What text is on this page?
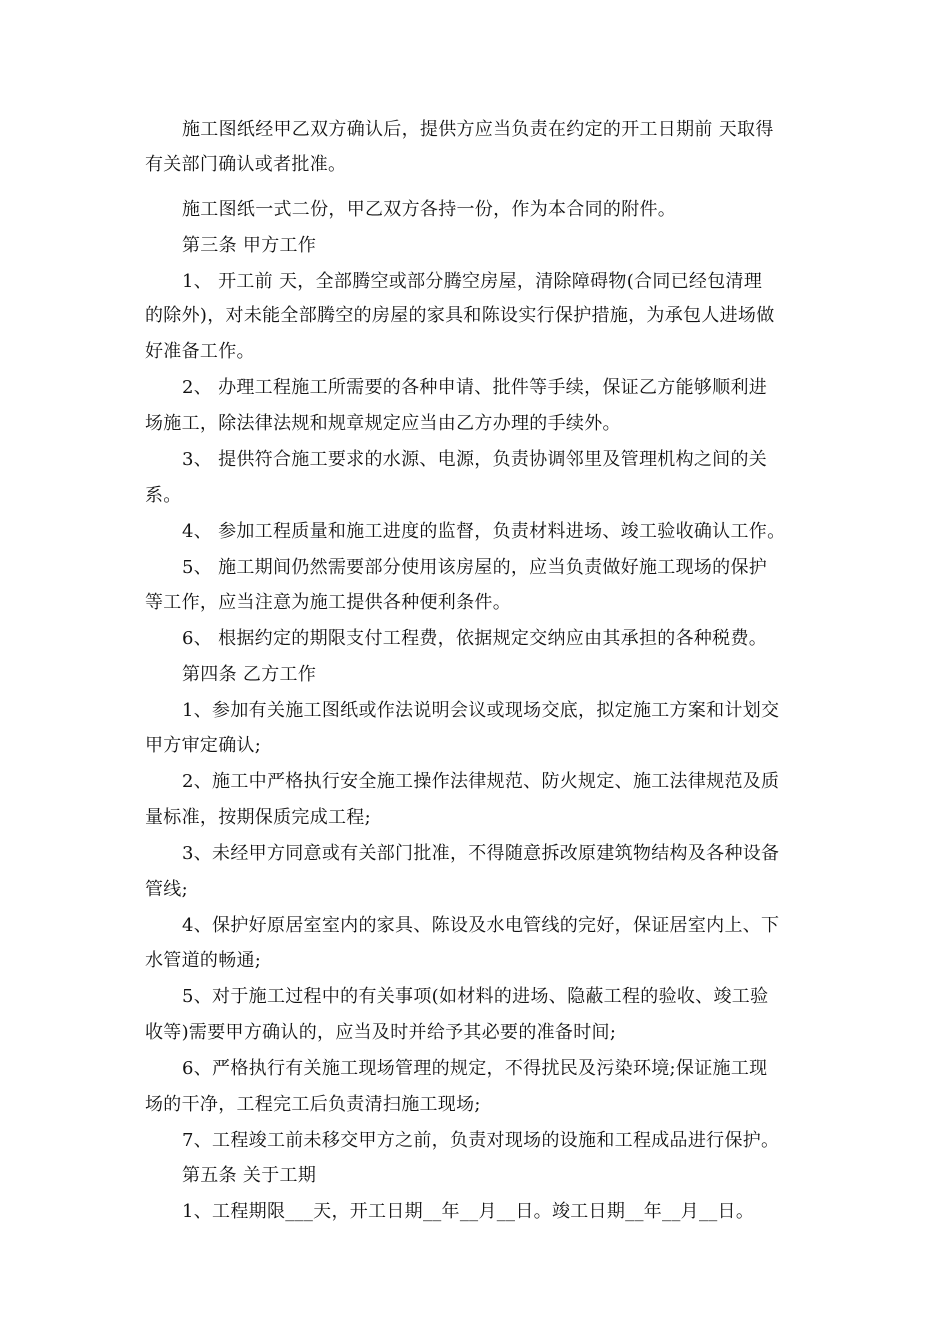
施工图纸经甲乙双方确认后，提供方应当负责在约定的开工日期前 天取得
有关部门确认或者批准。
施工图纸一式二份，甲乙双方各持一份，作为本合同的附件。
第三条 甲方工作
1、 开工前 天，全部腾空或部分腾空房屋，清除障碍物(合同已经包清理
的除外)，对未能全部腾空的房屋的家具和陈设实行保护措施，为承包人进场做
好准备工作。
2、 办理工程施工所需要的各种申请、批件等手续，保证乙方能够顺利进
场施工，除法律法规和规章规定应当由乙方办理的手续外。
3、 提供符合施工要求的水源、电源，负责协调邻里及管理机构之间的关
系。
4、 参加工程质量和施工进度的监督，负责材料进场、竣工验收确认工作。
5、 施工期间仍然需要部分使用该房屋的，应当负责做好施工现场的保护
等工作，应当注意为施工提供各种便利条件。
6、 根据约定的期限支付工程费，依据规定交纳应由其承担的各种税费。
第四条 乙方工作
1、参加有关施工图纸或作法说明会议或现场交底，拟定施工方案和计划交
甲方审定确认;
2、施工中严格执行安全施工操作法律规范、防火规定、施工法律规范及质
量标准，按期保质完成工程;
3、未经甲方同意或有关部门批准，不得随意拆改原建筑物结构及各种设备
管线;
4、保护好原居室室内的家具、陈设及水电管线的完好，保证居室内上、下
水管道的畅通;
5、对于施工过程中的有关事项(如材料的进场、隐蔽工程的验收、竣工验
收等)需要甲方确认的，应当及时并给予其必要的准备时间;
6、严格执行有关施工现场管理的规定，不得扰民及污染环境;保证施工现
场的干净，工程完工后负责清扫施工现场;
7、工程竣工前未移交甲方之前，负责对现场的设施和工程成品进行保护。
第五条 关于工期
1、工程期限___天，开工日期__年__月__日。竣工日期__年__月__日。
